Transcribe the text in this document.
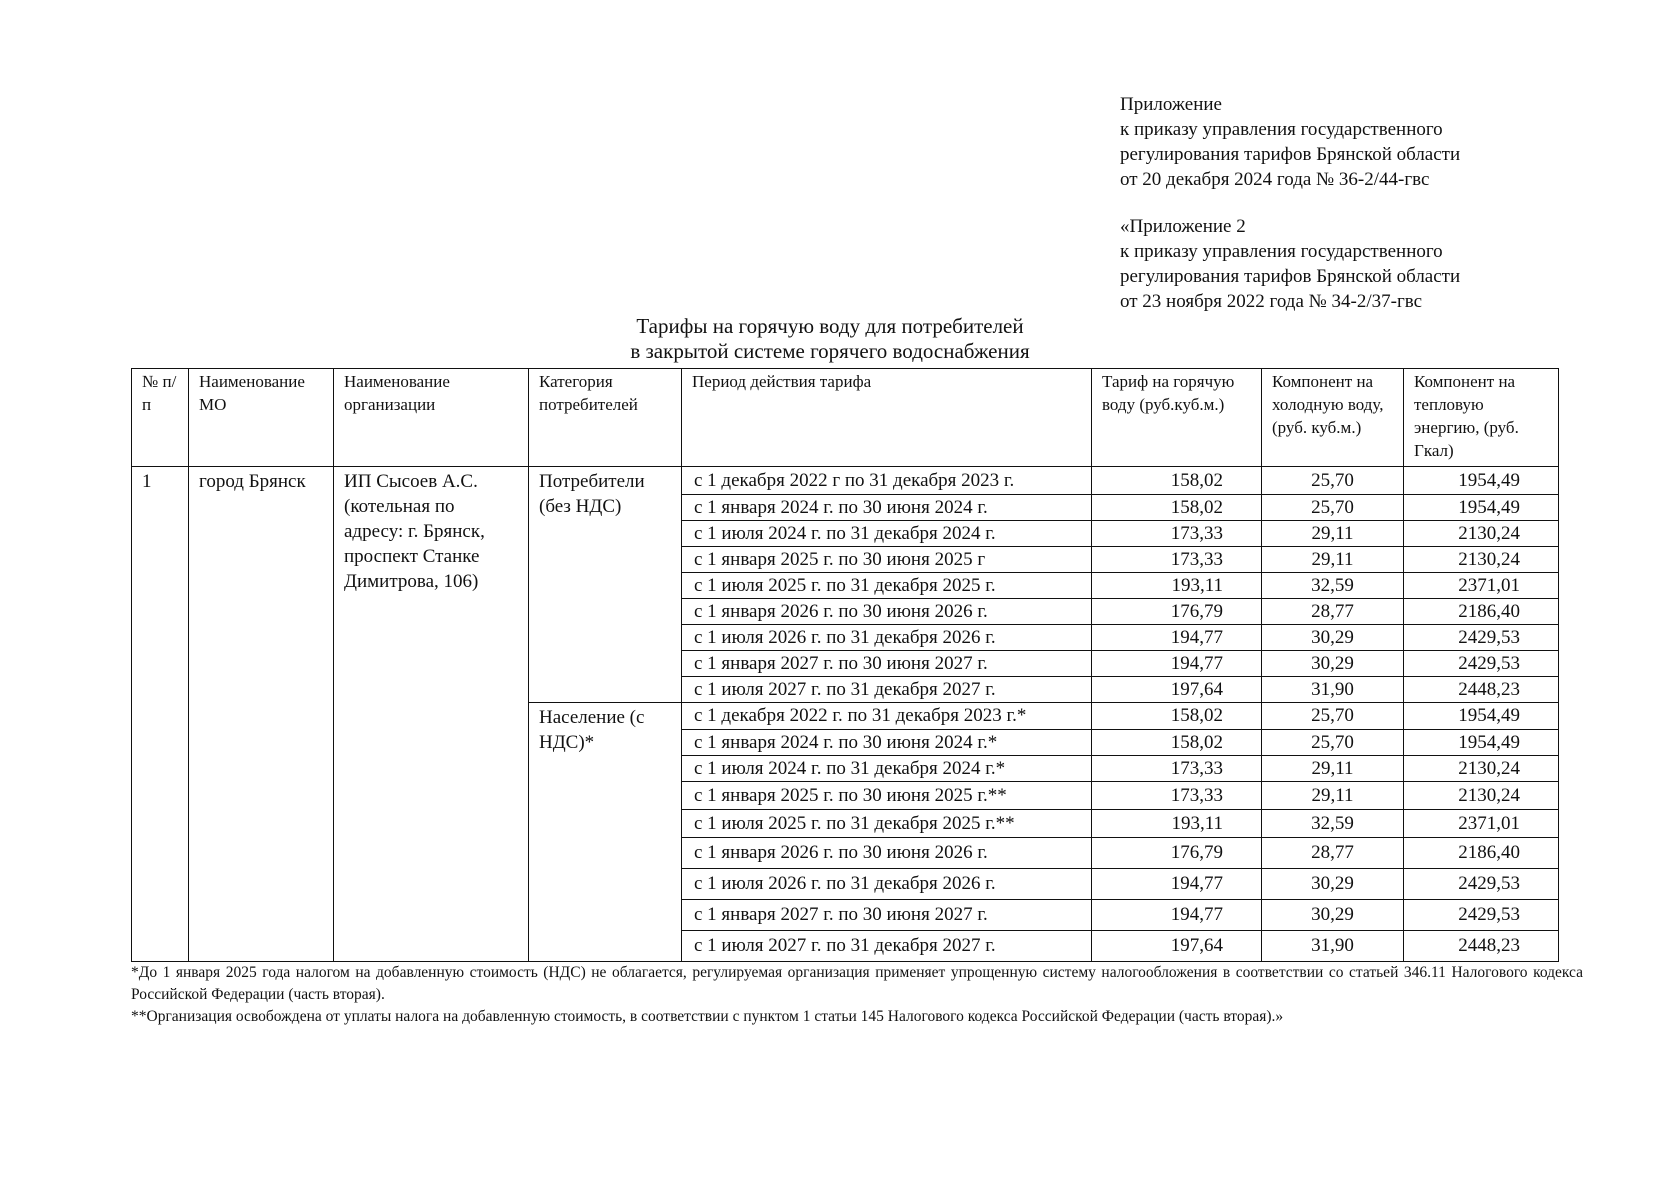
Приложение
к приказу управления государственного
регулирования тарифов Брянской области
от 20 декабря 2024 года № 36-2/44-гвс
«Приложение 2
к приказу управления государственного
регулирования тарифов Брянской области
от 23 ноября 2022 года № 34-2/37-гвс
Тарифы на горячую воду для потребителей
в закрытой системе горячего водоснабжения
№ п/п	Наименование МО	Наименование организации	Категория потребителей	Период действия тарифа	Тариф на горячую воду (руб.куб.м.)	Компонент на холодную воду, (руб. куб.м.)	Компонент на тепловую энергию, (руб. Гкал)
1	город Брянск	ИП Сысоев А.С. (котельная по адресу: г. Брянск, проспект Станке Димитрова, 106)	Потребители (без НДС)	с 1 декабря 2022 г по 31 декабря 2023 г.	158,02	25,70	1954,49
				с 1 января 2024 г. по 30 июня 2024 г.	158,02	25,70	1954,49
				с 1 июля 2024 г. по 31 декабря 2024 г.	173,33	29,11	2130,24
				с 1 января 2025 г. по 30 июня 2025 г	173,33	29,11	2130,24
				с 1 июля 2025 г. по 31 декабря 2025 г.	193,11	32,59	2371,01
				с 1 января 2026 г. по 30 июня 2026 г.	176,79	28,77	2186,40
				с 1 июля 2026 г. по 31 декабря 2026 г.	194,77	30,29	2429,53
				с 1 января 2027 г. по 30 июня 2027 г.	194,77	30,29	2429,53
				с 1 июля 2027 г. по 31 декабря 2027 г.	197,64	31,90	2448,23
			Население (с НДС)*	с 1 декабря 2022 г. по 31 декабря 2023 г.*	158,02	25,70	1954,49
				с 1 января 2024 г. по 30 июня 2024 г.*	158,02	25,70	1954,49
				с 1 июля 2024 г. по 31 декабря 2024 г.*	173,33	29,11	2130,24
				с 1 января 2025 г. по 30 июня 2025 г.**	173,33	29,11	2130,24
				с 1 июля 2025 г. по 31 декабря 2025 г.**	193,11	32,59	2371,01
				с 1 января 2026 г. по 30 июня 2026 г.	176,79	28,77	2186,40
				с 1 июля 2026 г. по 31 декабря 2026 г.	194,77	30,29	2429,53
				с 1 января 2027 г. по 30 июня 2027 г.	194,77	30,29	2429,53
				с 1 июля 2027 г. по 31 декабря 2027 г.	197,64	31,90	2448,23
*До 1 января 2025 года налогом на добавленную стоимость (НДС) не облагается, регулируемая организация применяет упрощенную систему налогообложения в соответствии со статьей 346.11 Налогового кодекса Российской Федерации (часть вторая).
**Организация освобождена от уплаты налога на добавленную стоимость, в соответствии с пунктом 1 статьи 145 Налогового кодекса Российской Федерации (часть вторая).»
